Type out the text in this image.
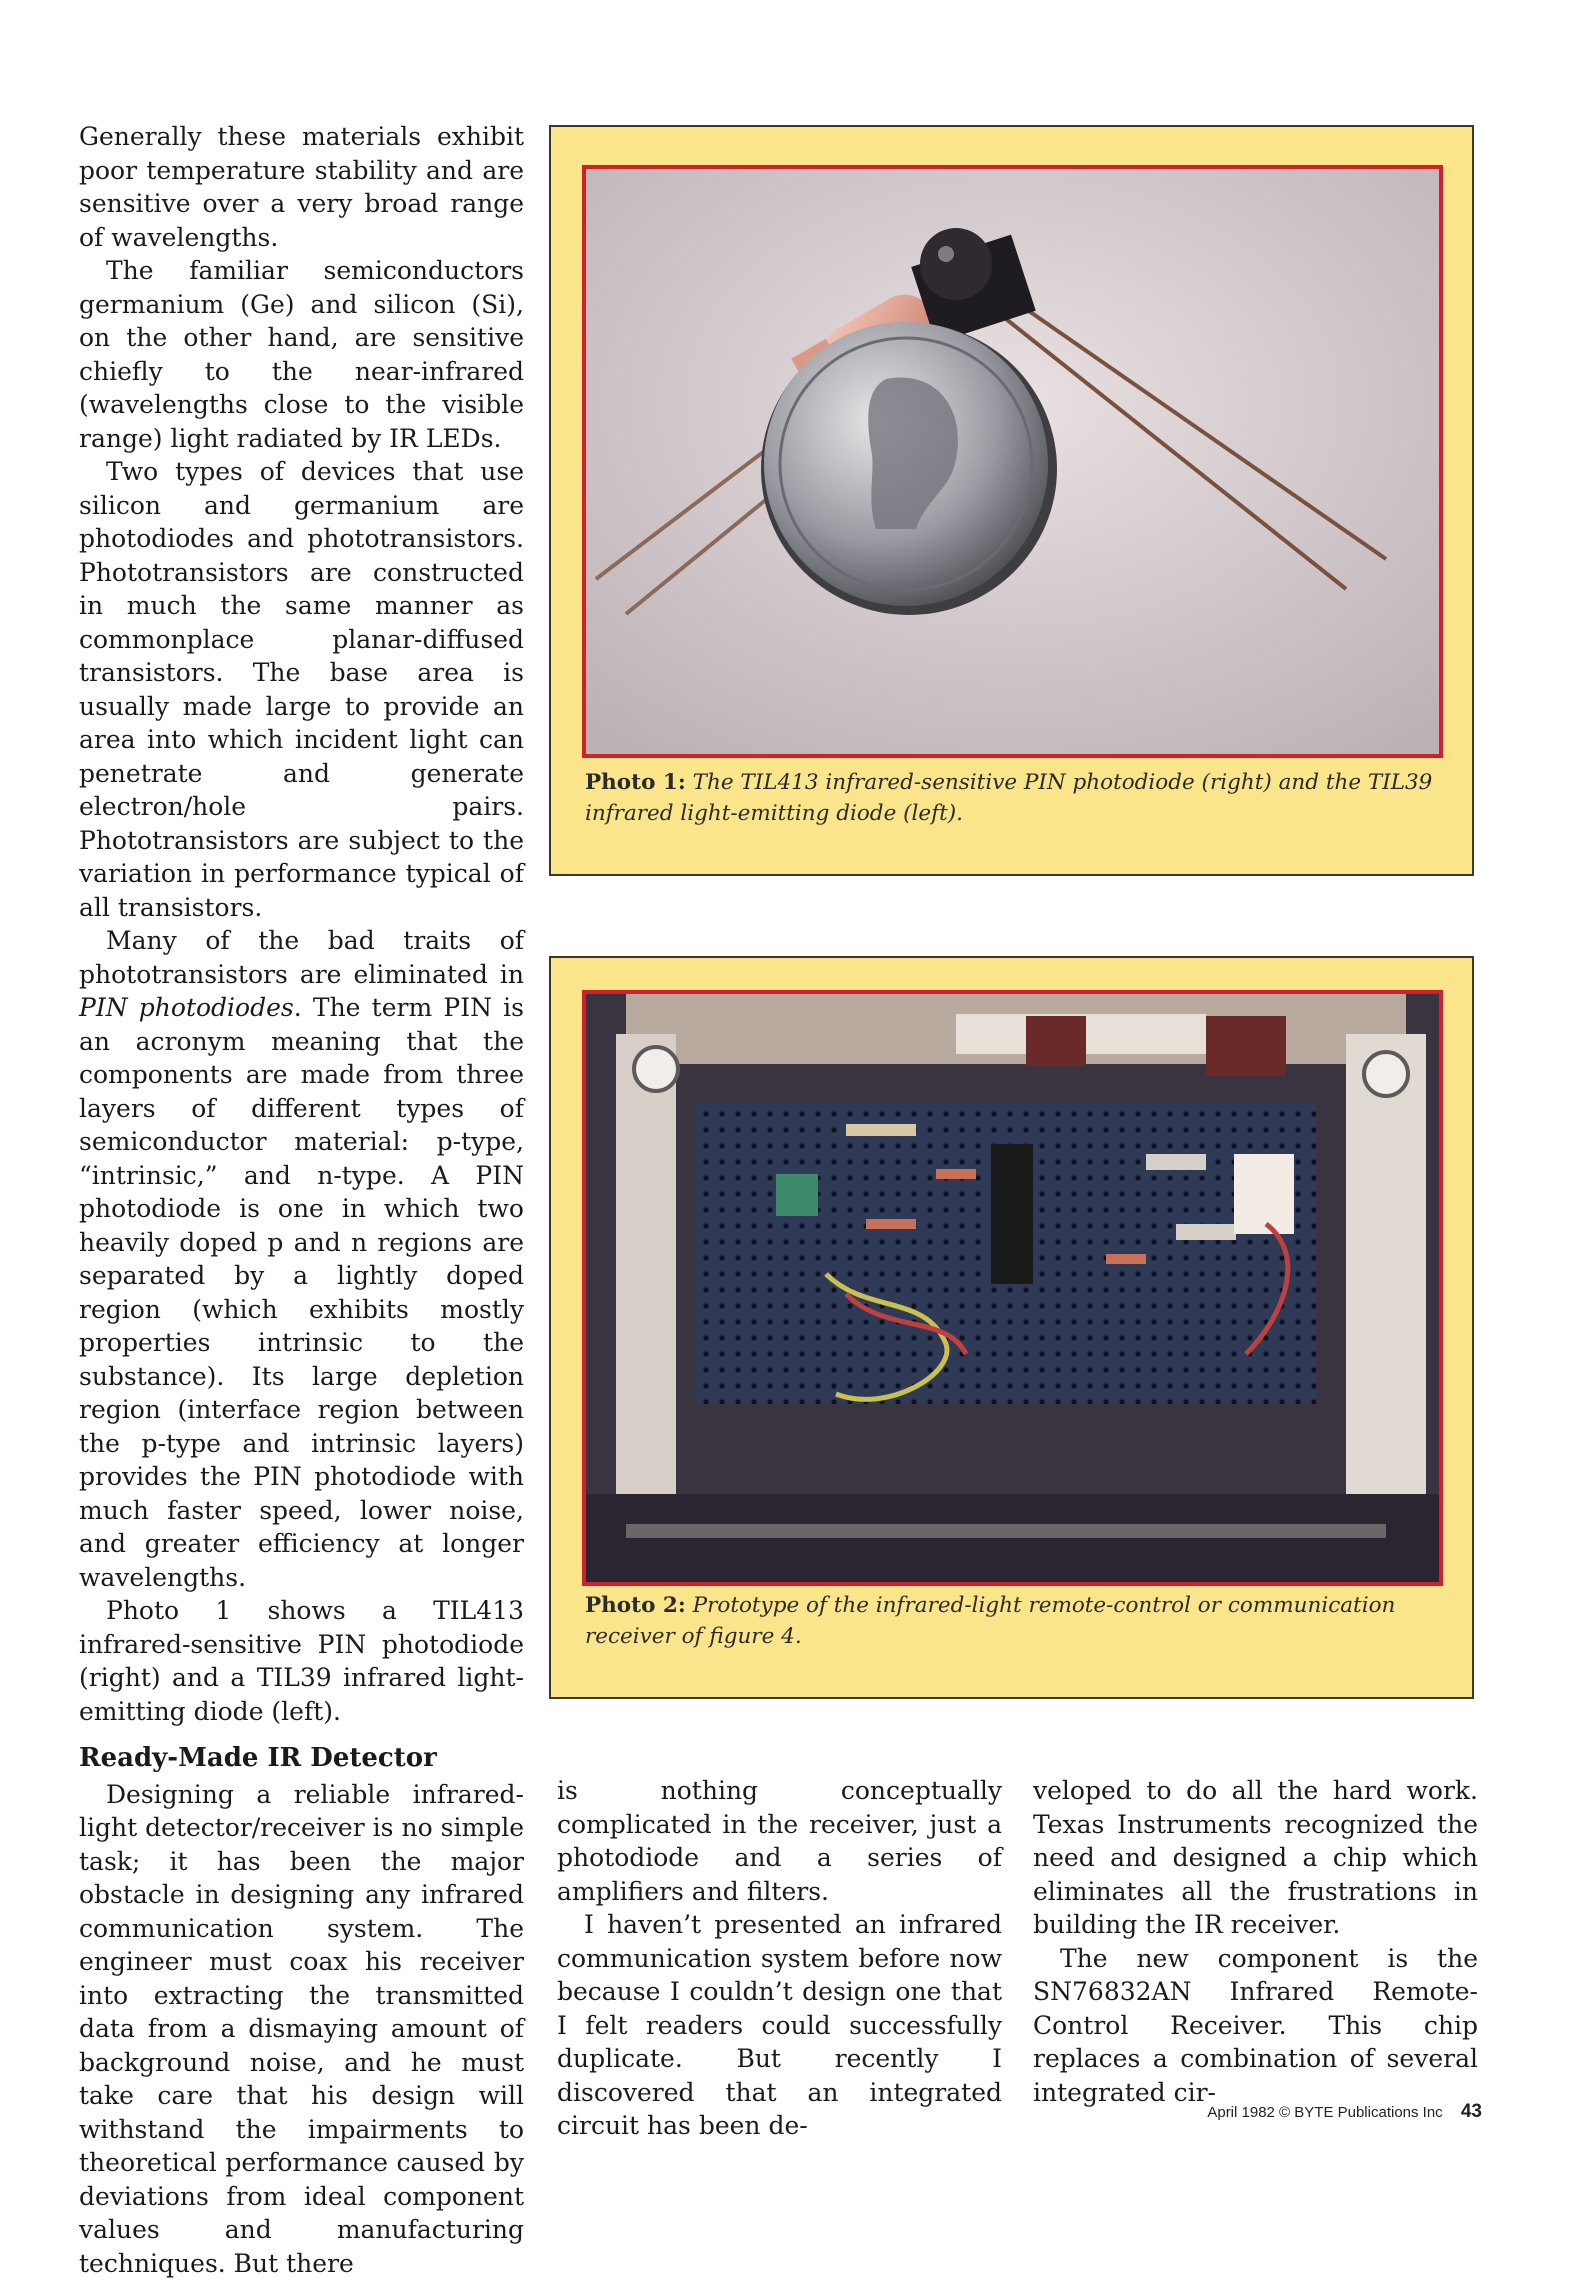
Generally these materials exhibit poor temperature stability and are sensitive over a very broad range of wavelengths.

The familiar semiconductors germanium (Ge) and silicon (Si), on the other hand, are sensitive chiefly to the near-infrared (wavelengths close to the visible range) light radiated by IR LEDs.

Two types of devices that use silicon and germanium are photodiodes and phototransistors. Phototransistors are constructed in much the same manner as commonplace planar-diffused transistors. The base area is usually made large to provide an area into which incident light can penetrate and generate electron/hole pairs. Phototransistors are subject to the variation in performance typical of all transistors.

Many of the bad traits of phototransistors are eliminated in PIN photodiodes. The term PIN is an acronym meaning that the components are made from three layers of different types of semiconductor material: p-type, “intrinsic,” and n-type. A PIN photodiode is one in which two heavily doped p and n regions are separated by a lightly doped region (which exhibits mostly properties intrinsic to the substance). Its large depletion region (interface region between the p-type and intrinsic layers) provides the PIN photodiode with much faster speed, lower noise, and greater efficiency at longer wavelengths.

Photo 1 shows a TIL413 infrared-sensitive PIN photodiode (right) and a TIL39 infrared light-emitting diode (left).

Ready-Made IR Detector

Designing a reliable infrared-light detector/receiver is no simple task; it has been the major obstacle in designing any infrared communication system. The engineer must coax his receiver into extracting the transmitted data from a dismaying amount of background noise, and he must take care that his design will withstand the impairments to theoretical performance caused by deviations from ideal component values and manufacturing techniques. But there

Photo 1: The TIL413 infrared-sensitive PIN photodiode (right) and the TIL39 infrared light-emitting diode (left).
Photo 2: Prototype of the infrared-light remote-control or communication receiver of figure 4.

is nothing conceptually complicated in the receiver, just a photodiode and a series of amplifiers and filters.

I haven’t presented an infrared communication system before now because I couldn’t design one that I felt readers could successfully duplicate. But recently I discovered that an integrated circuit has been de-

veloped to do all the hard work. Texas Instruments recognized the need and designed a chip which eliminates all the frustrations in building the IR receiver.

The new component is the SN76832AN Infrared Remote-Control Receiver. This chip replaces a combination of several integrated cir-

April 1982 © BYTE Publications Inc 43
